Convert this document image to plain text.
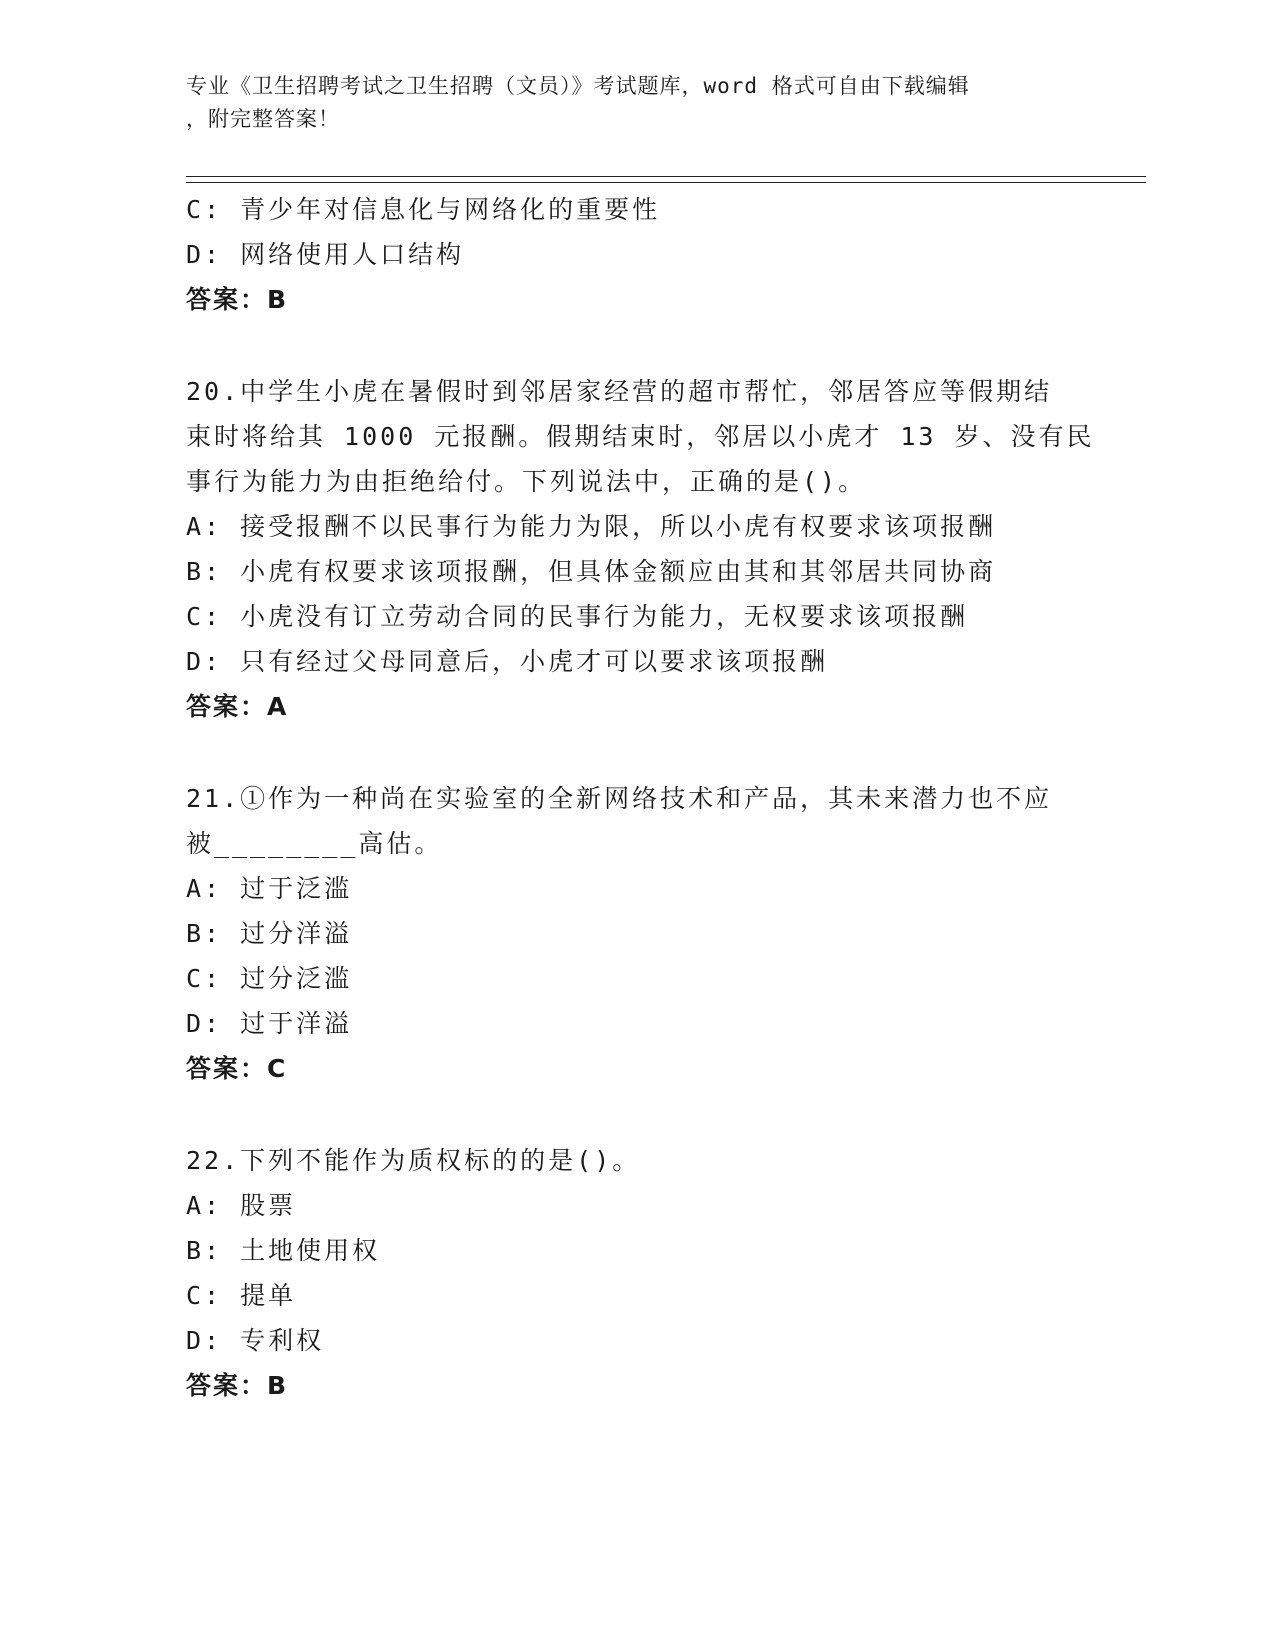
专业《卫生招聘考试之卫生招聘（文员）》考试题库，word 格式可自由下载编辑
，附完整答案！
C: 青少年对信息化与网络化的重要性
D: 网络使用人口结构
答案：B
20.中学生小虎在暑假时到邻居家经营的超市帮忙，邻居答应等假期结
束时将给其 1000 元报酬。假期结束时，邻居以小虎才 13 岁、没有民
事行为能力为由拒绝给付。下列说法中，正确的是()。
A: 接受报酬不以民事行为能力为限，所以小虎有权要求该项报酬
B: 小虎有权要求该项报酬，但具体金额应由其和其邻居共同协商
C: 小虎没有订立劳动合同的民事行为能力，无权要求该项报酬
D: 只有经过父母同意后，小虎才可以要求该项报酬
答案：A
21.①作为一种尚在实验室的全新网络技术和产品，其未来潜力也不应
被________高估。
A: 过于泛滥
B: 过分洋溢
C: 过分泛滥
D: 过于洋溢
答案：C
22.下列不能作为质权标的的是()。
A: 股票
B: 土地使用权
C: 提单
D: 专利权
答案：B
